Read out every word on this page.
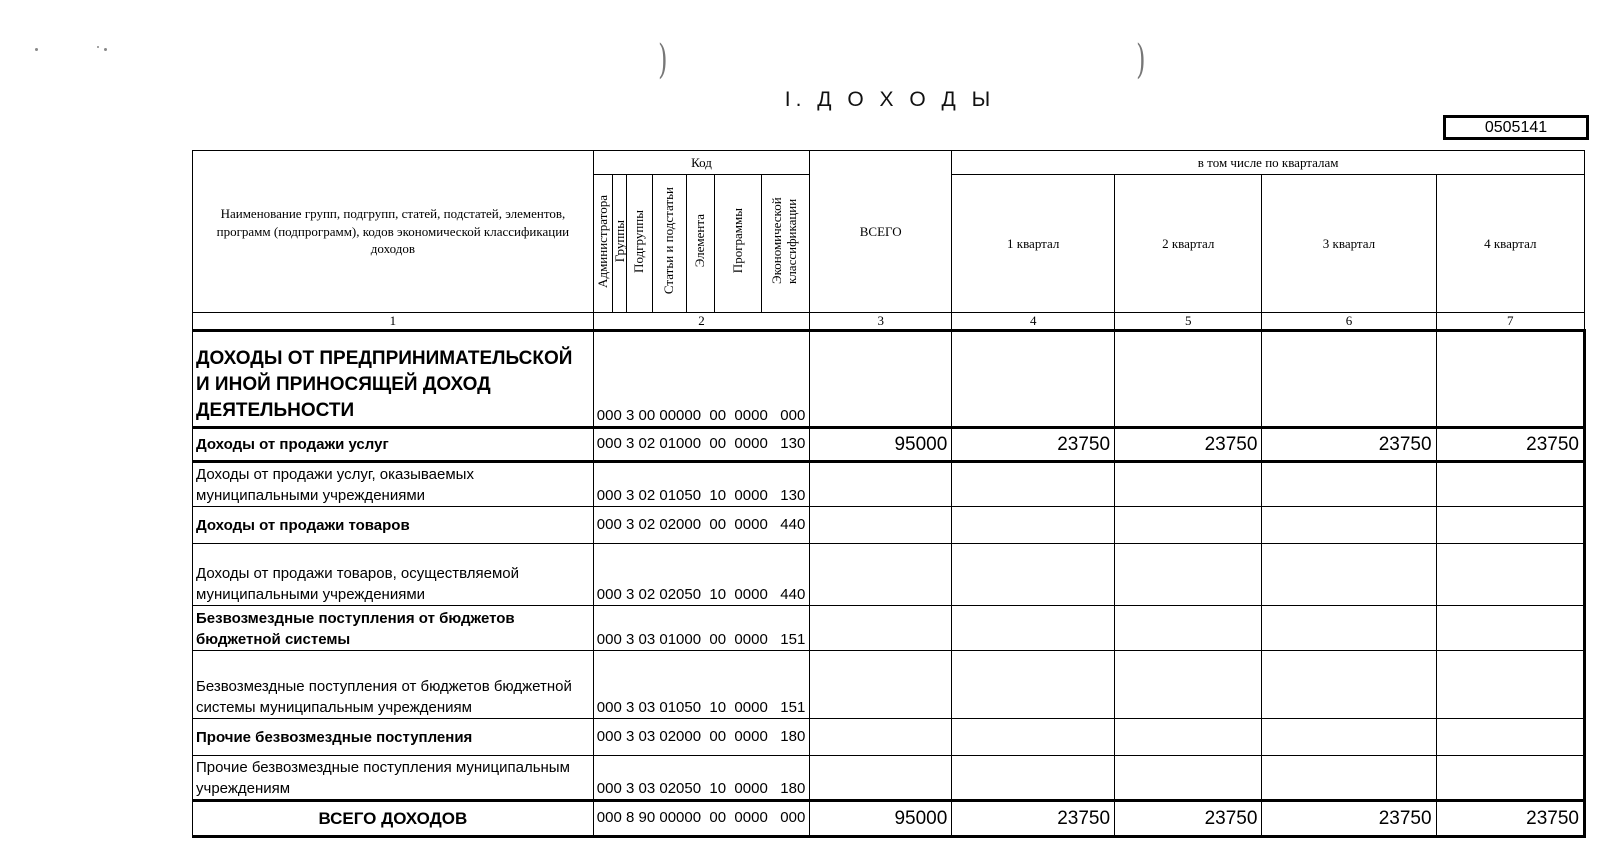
)	)
I. Д О Х О Д Ы
0505141
Наименование групп, подгрупп, статей, подстатей, элементов, программ (подпрограмм), кодов экономической классификации доходов	Код							ВСЕГО	в том числе по кварталам			
	Администратора	Группы	Подгруппы	Статьи и подстатьи	Элемента	Программы	Экономической классификации		1 квартал	2 квартал	3 квартал	4 квартал
1	2							3	4	5	6	7
ДОХОДЫ ОТ ПРЕДПРИНИМАТЕЛЬСКОЙ И ИНОЙ ПРИНОСЯЩЕЙ ДОХОД ДЕЯТЕЛЬНОСТИ	000 3 00 00000  00  0000   000											
Доходы от продажи услуг	000 3 02 01000  00  0000   130							95000	23750	23750	23750	23750
Доходы от продажи услуг, оказываемых муниципальными учреждениями	000 3 02 01050  10  0000   130											
Доходы от продажи товаров	000 3 02 02000  00  0000   440											
Доходы от продажи товаров, осуществляемой муниципальными учреждениями	000 3 02 02050  10  0000   440											
Безвозмездные поступления от бюджетов бюджетной системы	000 3 03 01000  00  0000   151											
Безвозмездные поступления от бюджетов бюджетной системы муниципальным учреждениям	000 3 03 01050  10  0000   151											
Прочие безвозмездные поступления	000 3 03 02000  00  0000   180											
Прочие безвозмездные поступления муниципальным учреждениям	000 3 03 02050  10  0000   180											
ВСЕГО ДОХОДОВ	000 8 90 00000  00  0000   000							95000	23750	23750	23750	23750
